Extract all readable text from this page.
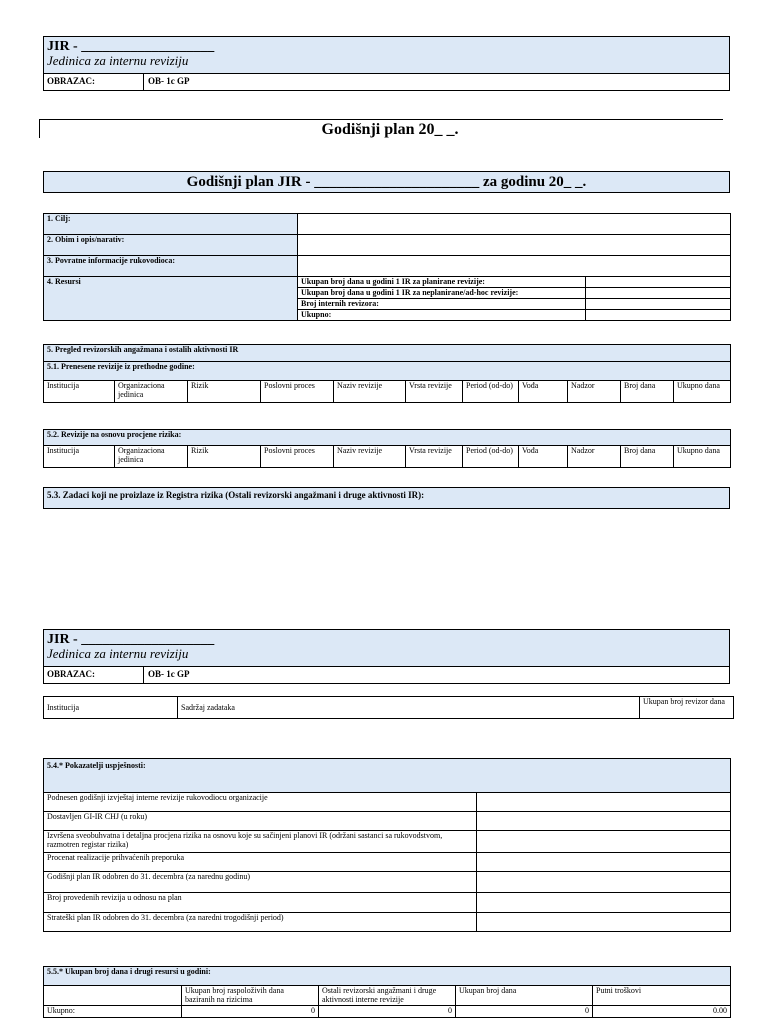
JIR - ___________________
Jedinica za internu reviziju
OBRAZAC:	OB- 1c GP
Godišnji plan 20_ _.
Godišnji plan JIR - ______________________ za godinu 20_ _.
1. Cilj:		
2. Obim i opis/narativ:		
3. Povratne informacije rukovodioca:		
4. Resursi	Ukupan broj dana u godini 1 IR za planirane revizije:	
	Ukupan broj dana u godini 1 IR za neplanirane/ad-hoc revizije:	
	Broj internih revizora:	
	Ukupno:	
5. Pregled revizorskih angažmana i ostalih aktivnosti IR
5.1. Prenesene revizije iz prethodne godine:
Institucija	Organizaciona jedinica	Rizik	Poslovni proces	Naziv revizije	Vrsta revizije	Period (od-do)	Vođa	Nadzor	Broj dana	Ukupno dana
5.2. Revizije na osnovu procjene rizika:
Institucija	Organizaciona jedinica	Rizik	Poslovni proces	Naziv revizije	Vrsta revizije	Period (od-do)	Vođa	Nadzor	Broj dana	Ukupno dana
5.3. Zadaci koji ne proizlaze iz Registra rizika (Ostali revizorski angažmani i druge aktivnosti IR):
JIR - ___________________
Jedinica za internu reviziju
OBRAZAC:	OB- 1c GP
Institucija	Sadržaj zadataka	Ukupan broj revizor dana
5.4.* Pokazatelji uspješnosti:	
Podnesen godišnji izvještaj interne revizije rukovodiocu organizacije	
Dostavljen GI-IR CHJ (u roku)	
Izvršena sveobuhvatna i detaljna procjena rizika na osnovu koje su sačinjeni planovi IR (održani sastanci sa rukovodstvom, razmotren registar rizika)	
Procenat realizacije prihvaćenih preporuka	
Godišnji plan IR odobren do 31. decembra (za narednu godinu)	
Broj provedenih revizija u odnosu na plan	
Strateški plan IR odobren do 31. decembra (za naredni trogodišnji period)	
5.5.* Ukupan broj dana i drugi resursi u godini:				
	Ukupan broj raspoloživih dana baziranih na rizicima	Ostali revizorski angažmani i druge aktivnosti interne revizije	Ukupan broj dana	Putni troškovi
Ukupno:	0	0	0	0.00
